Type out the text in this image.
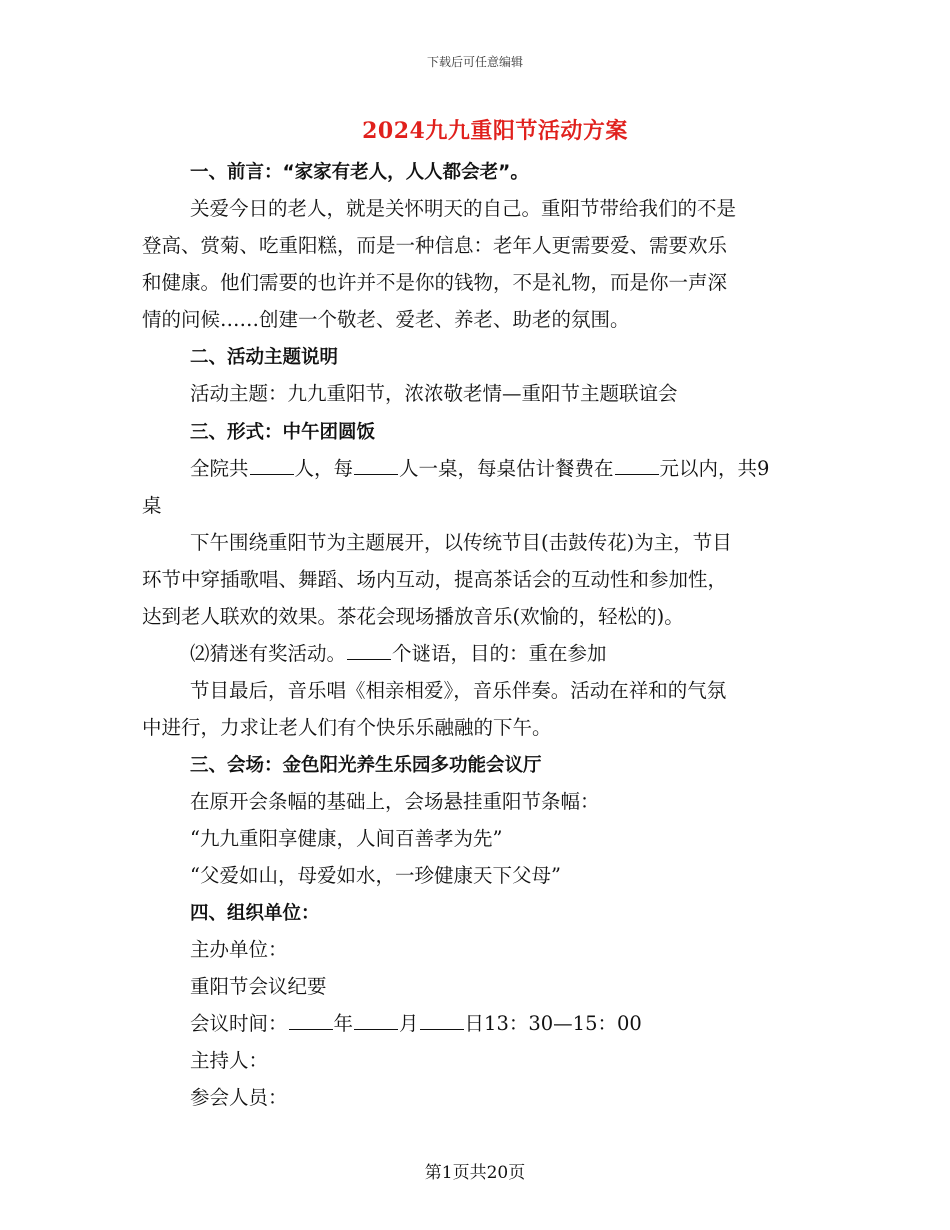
下载后可任意编辑
2024九九重阳节活动方案
一、前言：“家家有老人，人人都会老”。
关爱今日的老人，就是关怀明天的自己。重阳节带给我们的不是
登高、赏菊、吃重阳糕，而是一种信息：老年人更需要爱、需要欢乐
和健康。他们需要的也许并不是你的钱物，不是礼物，而是你一声深
情的问候……创建一个敬老、爱老、养老、助老的氛围。
二、活动主题说明
活动主题：九九重阳节，浓浓敬老情—重阳节主题联谊会
三、形式：中午团圆饭
全院共 人，每 人一桌，每桌估计餐费在 元以内，共9
桌
下午围绕重阳节为主题展开，以传统节目(击鼓传花)为主，节目
环节中穿插歌唱、舞蹈、场内互动，提高茶话会的互动性和参加性，
达到老人联欢的效果。茶花会现场播放音乐(欢愉的，轻松的)。
⑵猜迷有奖活动。 个谜语，目的：重在参加
节目最后，音乐唱《相亲相爱》，音乐伴奏。活动在祥和的气氛
中进行，力求让老人们有个快乐乐融融的下午。
三、会场：金色阳光养生乐园多功能会议厅
在原开会条幅的基础上，会场悬挂重阳节条幅：
“九九重阳享健康，人间百善孝为先”
“父爱如山，母爱如水，一珍健康天下父母”
四、组织单位：
主办单位：
重阳节会议纪要
会议时间： 年 月 日13：30—15：00
主持人：
参会人员：
第1页共20页
